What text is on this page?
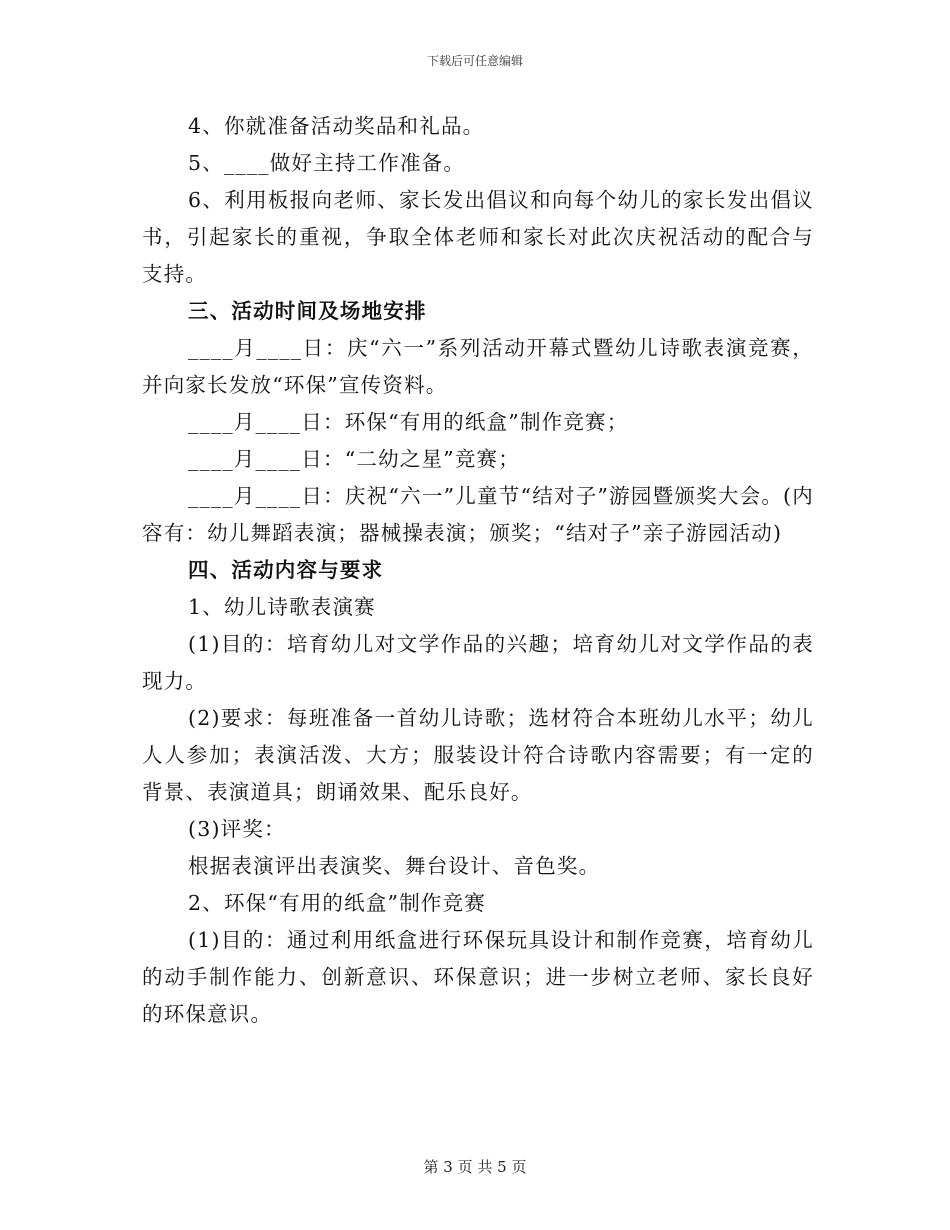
下载后可任意编辑

4、你就准备活动奖品和礼品。

5、____做好主持工作准备。

6、利用板报向老师、家长发出倡议和向每个幼儿的家长发出倡议书，引起家长的重视，争取全体老师和家长对此次庆祝活动的配合与支持。

三、活动时间及场地安排

____月____日：庆“六一”系列活动开幕式暨幼儿诗歌表演竞赛，并向家长发放“环保”宣传资料。

____月____日：环保“有用的纸盒”制作竞赛；

____月____日：“二幼之星”竞赛；

____月____日：庆祝“六一”儿童节“结对子”游园暨颁奖大会。(内容有：幼儿舞蹈表演；器械操表演；颁奖；“结对子”亲子游园活动)

四、活动内容与要求

1、幼儿诗歌表演赛

(1)目的：培育幼儿对文学作品的兴趣；培育幼儿对文学作品的表现力。

(2)要求：每班准备一首幼儿诗歌；选材符合本班幼儿水平；幼儿人人参加；表演活泼、大方；服装设计符合诗歌内容需要；有一定的背景、表演道具；朗诵效果、配乐良好。

(3)评奖：

根据表演评出表演奖、舞台设计、音色奖。

2、环保“有用的纸盒”制作竞赛

(1)目的：通过利用纸盒进行环保玩具设计和制作竞赛，培育幼儿的动手制作能力、创新意识、环保意识；进一步树立老师、家长良好的环保意识。

第 3 页 共 5 页
